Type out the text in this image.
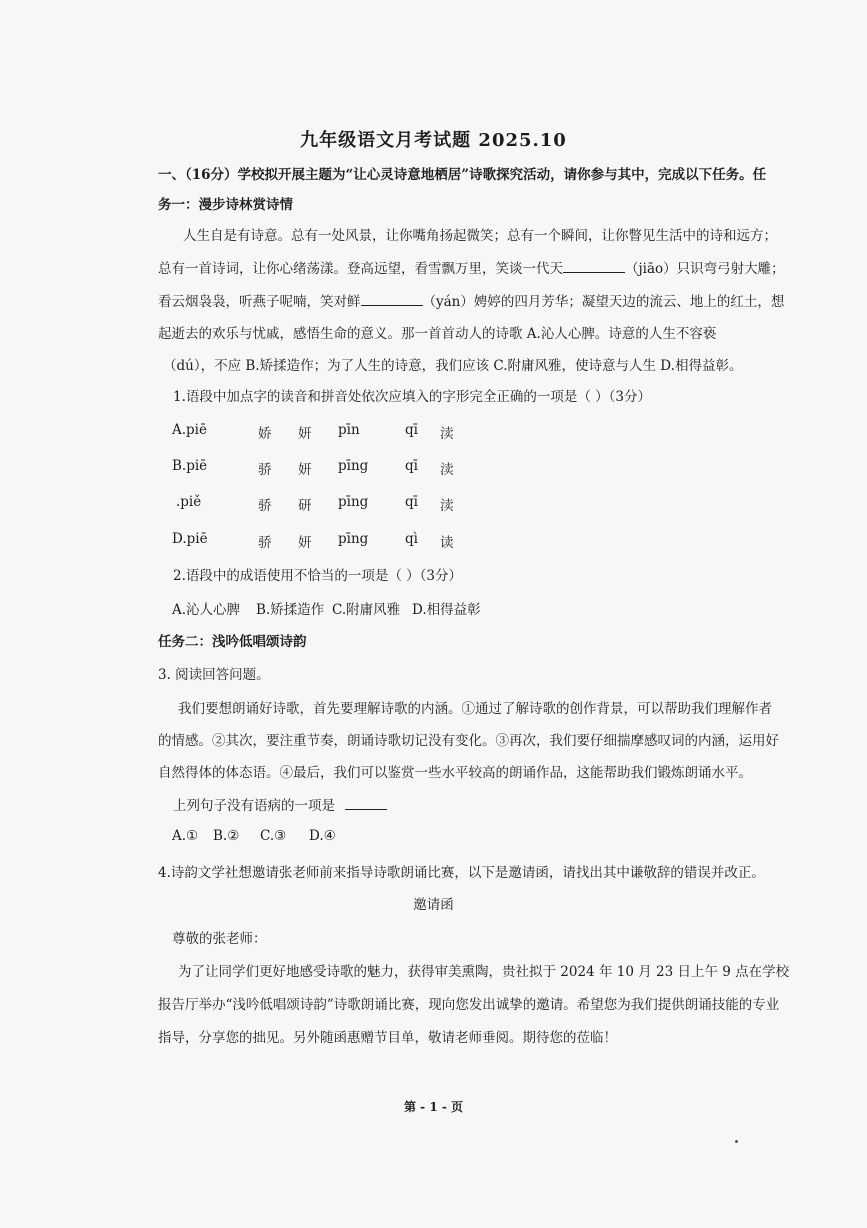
九年级语文月考试题 2025.10
一、（16分）学校拟开展主题为“让心灵诗意地栖居”诗歌探究活动，请你参与其中，完成以下任务。任
务一：漫步诗林赏诗情
人生自是有诗意。总有一处风景，让你嘴角扬起微笑；总有一个瞬间，让你瞥见生活中的诗和远方；
总有一首诗词，让你心绪荡漾。登高远望，看雪飘万里，笑谈一代天	（jiāo）只识弯弓射大雕；
看云烟袅袅，听燕子呢喃，笑对鲜	（yán）娉婷的四月芳华；凝望天边的流云、地上的红土，想
起逝去的欢乐与忧戚，感悟生命的意义。那一首首动人的诗歌 A.沁人心脾。诗意的人生不容亵
（dú），不应 B.矫揉造作；为了人生的诗意，我们应该 C.附庸风雅，使诗意与人生 D.相得益彰。
1.语段中加点字的读音和拼音处依次应填入的字形完全正确的一项是（ ）（3分）
A.piē	娇 妍 pīn	qī 渎
B.piē	骄 妍 pīng	qī 渎
.piě	骄 研 pīng	qī 渎
D.piē	骄 妍 pīng	qì 读
2.语段中的成语使用不恰当的一项是（ ）（3分）
A.沁人心脾 B.矫揉造作 C.附庸风雅 D.相得益彰
任务二：浅吟低唱颂诗韵
3. 阅读回答问题。
我们要想朗诵好诗歌，首先要理解诗歌的内涵。①通过了解诗歌的创作背景，可以帮助我们理解作者
的情感。②其次，要注重节奏，朗诵诗歌切记没有变化。③再次，我们要仔细揣摩感叹词的内涵，运用好
自然得体的体态语。④最后，我们可以鉴赏一些水平较高的朗诵作品，这能帮助我们锻炼朗诵水平。
上列句子没有语病的一项是
A.① B.② C.③ D.④
4.诗韵文学社想邀请张老师前来指导诗歌朗诵比赛，以下是邀请函，请找出其中谦敬辞的错误并改正。
邀请函
尊敬的张老师：
为了让同学们更好地感受诗歌的魅力，获得审美熏陶，贵社拟于 2024 年 10 月 23 日上午 9 点在学校
报告厅举办“浅吟低唱颂诗韵”诗歌朗诵比赛，现向您发出诚挚的邀请。希望您为我们提供朗诵技能的专业
指导，分享您的拙见。另外随函惠赠节目单，敬请老师垂阅。期待您的莅临！
第 - 1 - 页
